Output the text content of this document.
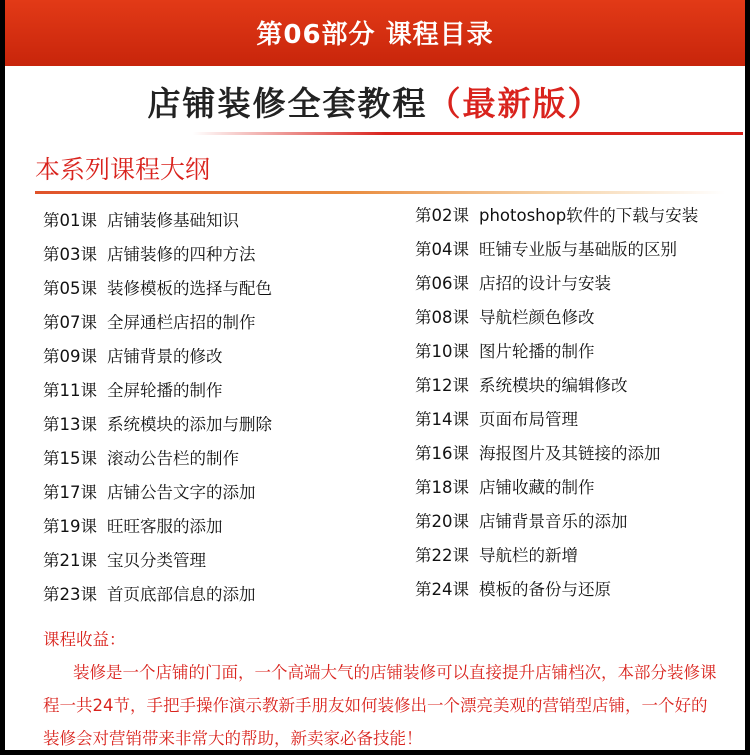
第06部分 课程目录
店铺装修全套教程（最新版）
本系列课程大纲
第01课 店铺装修基础知识	第02课 photoshop软件的下载与安装
第03课 店铺装修的四种方法	第04课 旺铺专业版与基础版的区别
第05课 装修模板的选择与配色	第06课 店招的设计与安装
第07课 全屏通栏店招的制作	第08课 导航栏颜色修改
第09课 店铺背景的修改	第10课 图片轮播的制作
第11课 全屏轮播的制作	第12课 系统模块的编辑修改
第13课 系统模块的添加与删除	第14课 页面布局管理
第15课 滚动公告栏的制作	第16课 海报图片及其链接的添加
第17课 店铺公告文字的添加	第18课 店铺收藏的制作
第19课 旺旺客服的添加	第20课 店铺背景音乐的添加
第21课 宝贝分类管理	第22课 导航栏的新增
第23课 首页底部信息的添加	第24课 模板的备份与还原
课程收益：
装修是一个店铺的门面，一个高端大气的店铺装修可以直接提升店铺档次，本部分装修课程一共24节，手把手操作演示教新手朋友如何装修出一个漂亮美观的营销型店铺，一个好的装修会对营销带来非常大的帮助，新卖家必备技能！
